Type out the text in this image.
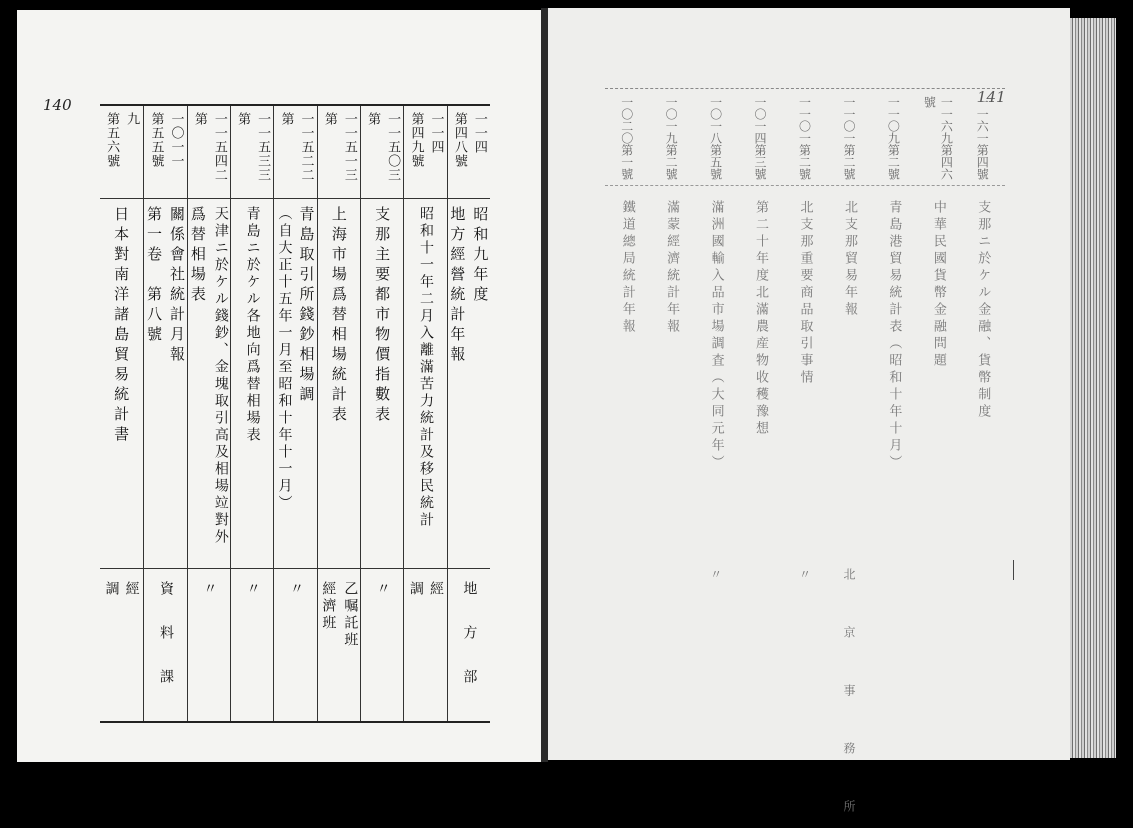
140	141
一一四
第四八號
昭和九年度
地方經營統計年報
地方部
一一四
第四九號
昭和十一年二月入離滿苦力統計及移民統計
經調
一一五〇三
第
支那主要都市物價指數表
〃
一一五一三
第
上海市場爲替相場統計表
乙嘱託班
經濟班
一一五二二
第
青島取引所錢鈔相場調
（自大正十五年一月至昭和十年十一月）
〃
一一五三三
第
青島ニ於ケル各地向爲替相場表
〃
一一五四二
第
天津ニ於ケル錢鈔、金塊取引高及相場竝對外
爲替相場表
〃
一〇一一
第五五號
關係會社統計月報
第一卷　第八號
資料課
九
第五六號
日本對南洋諸島貿易統計書
經調
一一六一第四號
支那ニ於ケル金融、貨幣制度
一一六九第四六號
中華民國貨幣金融問題
一一〇九第二號
青島港貿易統計表（昭和十年十月）
一一〇一第二號
北支那貿易年報
北 京 事 務 所
一一〇一第二號
北支那重要商品取引事情
〃
一〇一四第三號
第二十年度北滿農産物收穫豫想
一〇一八第五號
滿洲國輸入品市場調査（大同元年）
〃
一〇一九第二號
滿蒙經濟統計年報
一〇二〇第一號
鐵道總局統計年報
